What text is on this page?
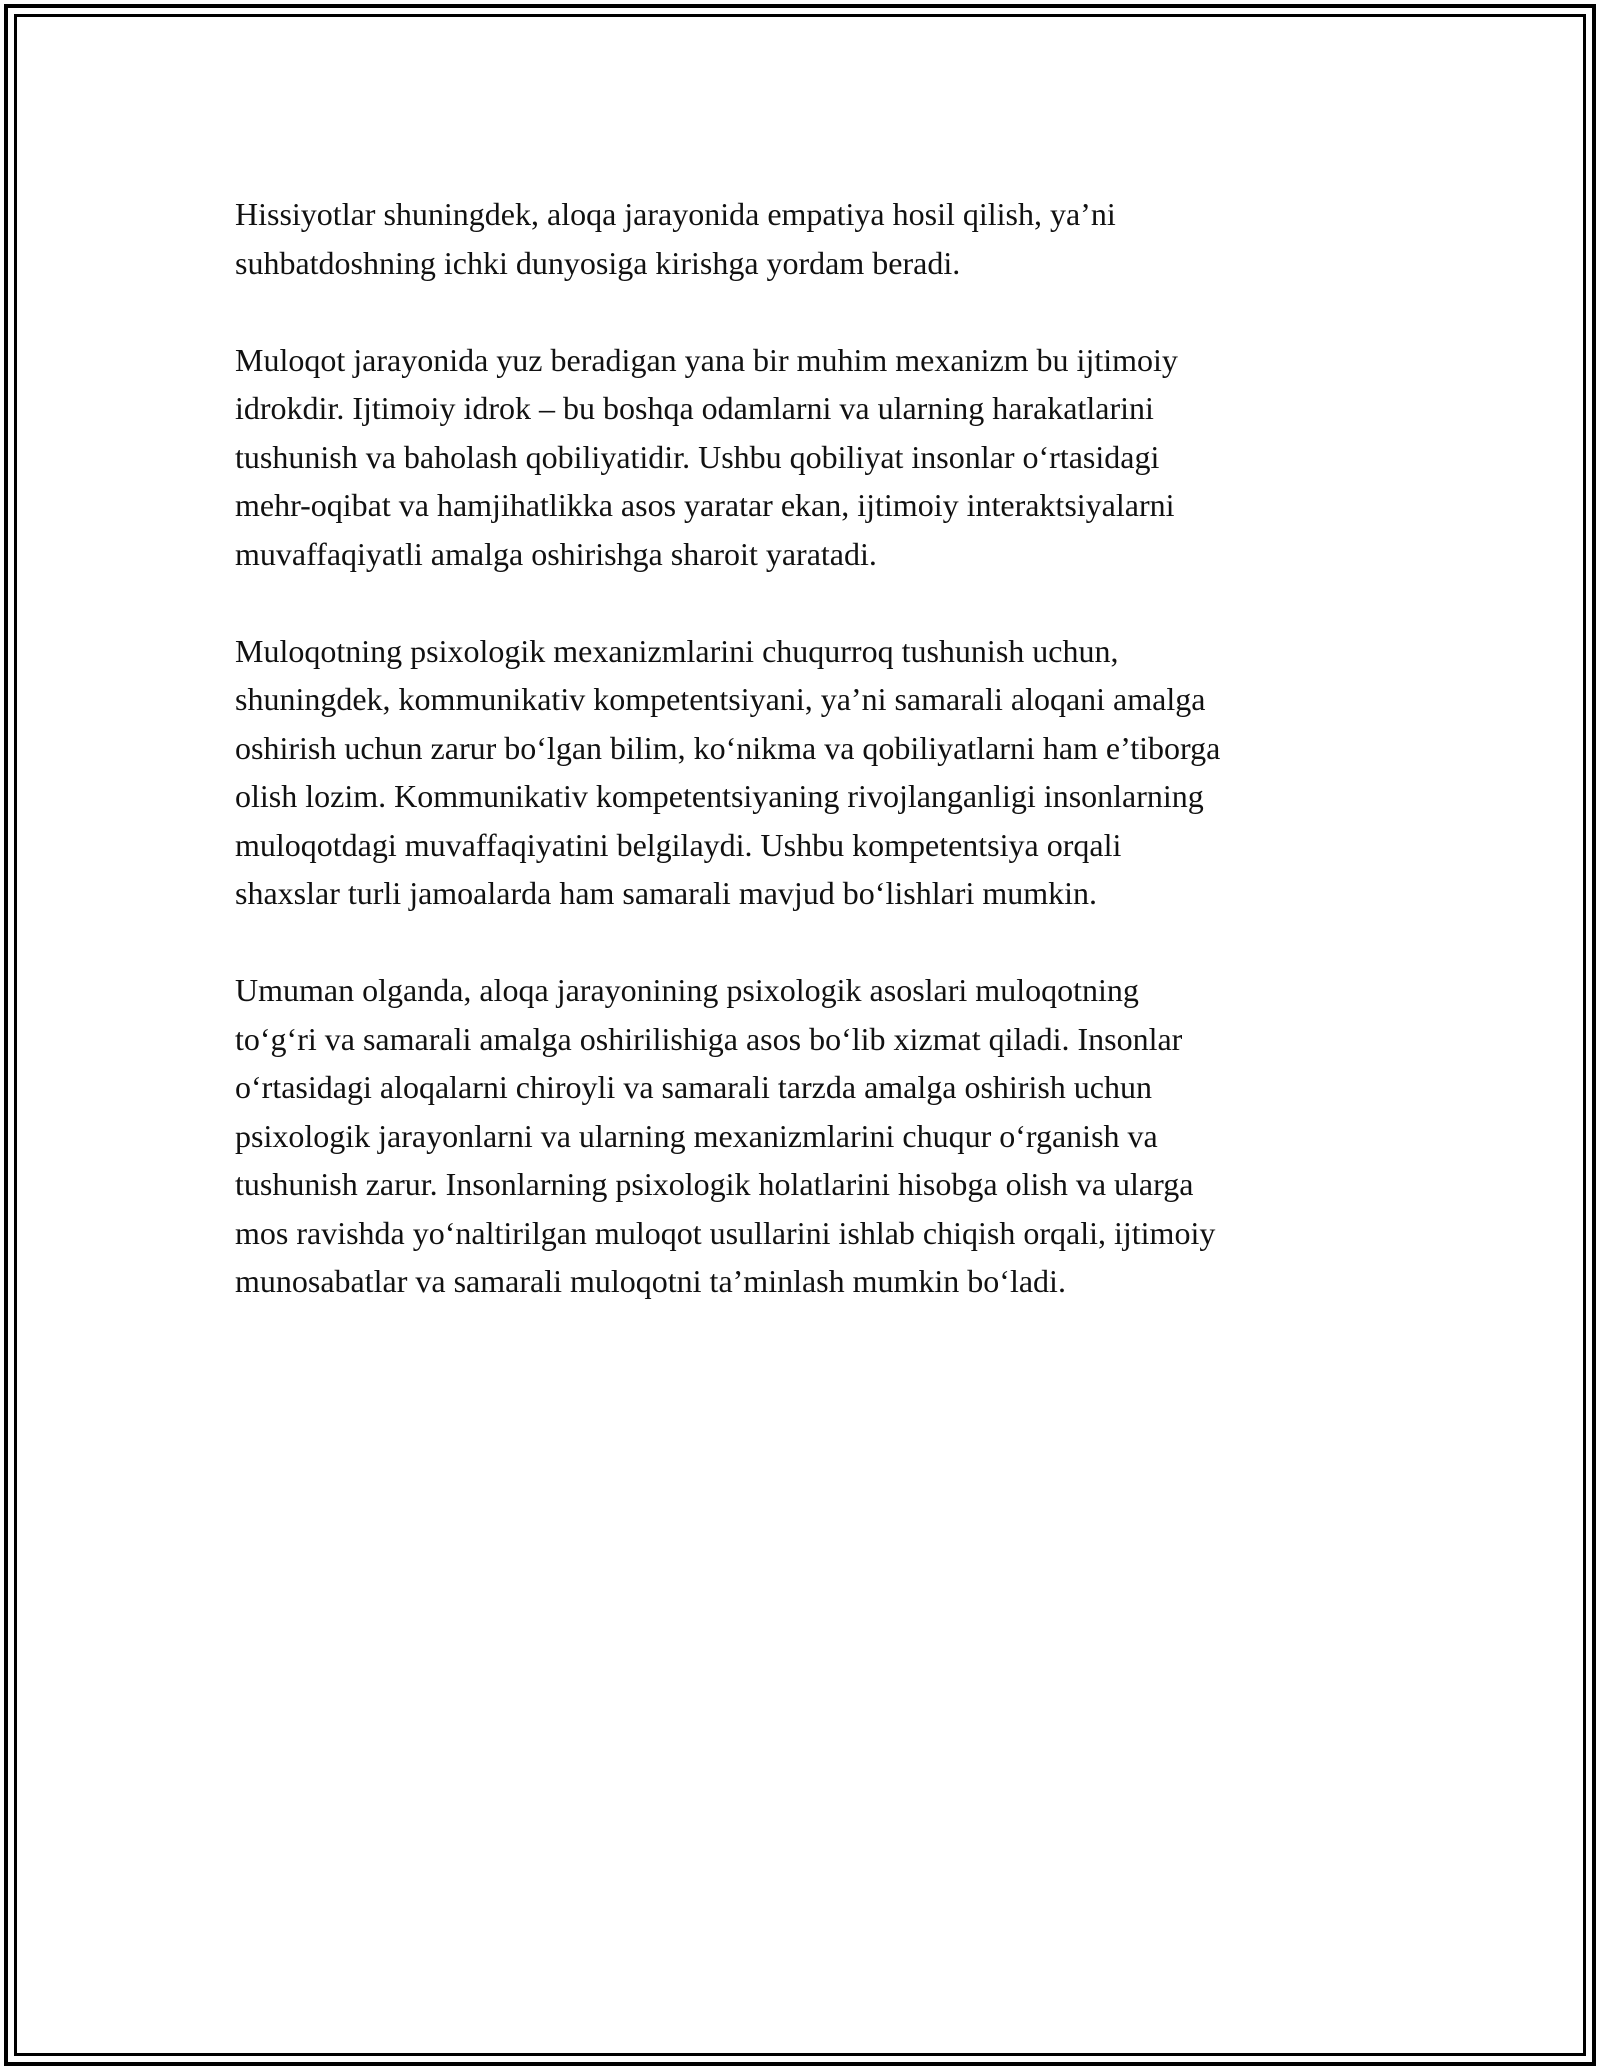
Hissiyotlar shuningdek, aloqa jarayonida empatiya hosil qilish, ya’ni
suhbatdoshning ichki dunyosiga kirishga yordam beradi.

Muloqot jarayonida yuz beradigan yana bir muhim mexanizm bu ijtimoiy
idrokdir. Ijtimoiy idrok – bu boshqa odamlarni va ularning harakatlarini
tushunish va baholash qobiliyatidir. Ushbu qobiliyat insonlar o‘rtasidagi
mehr-oqibat va hamjihatlikka asos yaratar ekan, ijtimoiy interaktsiyalarni
muvaffaqiyatli amalga oshirishga sharoit yaratadi.

Muloqotning psixologik mexanizmlarini chuqurroq tushunish uchun,
shuningdek, kommunikativ kompetentsiyani, ya’ni samarali aloqani amalga
oshirish uchun zarur bo‘lgan bilim, ko‘nikma va qobiliyatlarni ham e’tiborga
olish lozim. Kommunikativ kompetentsiyaning rivojlanganligi insonlarning
muloqotdagi muvaffaqiyatini belgilaydi. Ushbu kompetentsiya orqali
shaxslar turli jamoalarda ham samarali mavjud bo‘lishlari mumkin.

Umuman olganda, aloqa jarayonining psixologik asoslari muloqotning
to‘g‘ri va samarali amalga oshirilishiga asos bo‘lib xizmat qiladi. Insonlar
o‘rtasidagi aloqalarni chiroyli va samarali tarzda amalga oshirish uchun
psixologik jarayonlarni va ularning mexanizmlarini chuqur o‘rganish va
tushunish zarur. Insonlarning psixologik holatlarini hisobga olish va ularga
mos ravishda yo‘naltirilgan muloqot usullarini ishlab chiqish orqali, ijtimoiy
munosabatlar va samarali muloqotni ta’minlash mumkin bo‘ladi.
